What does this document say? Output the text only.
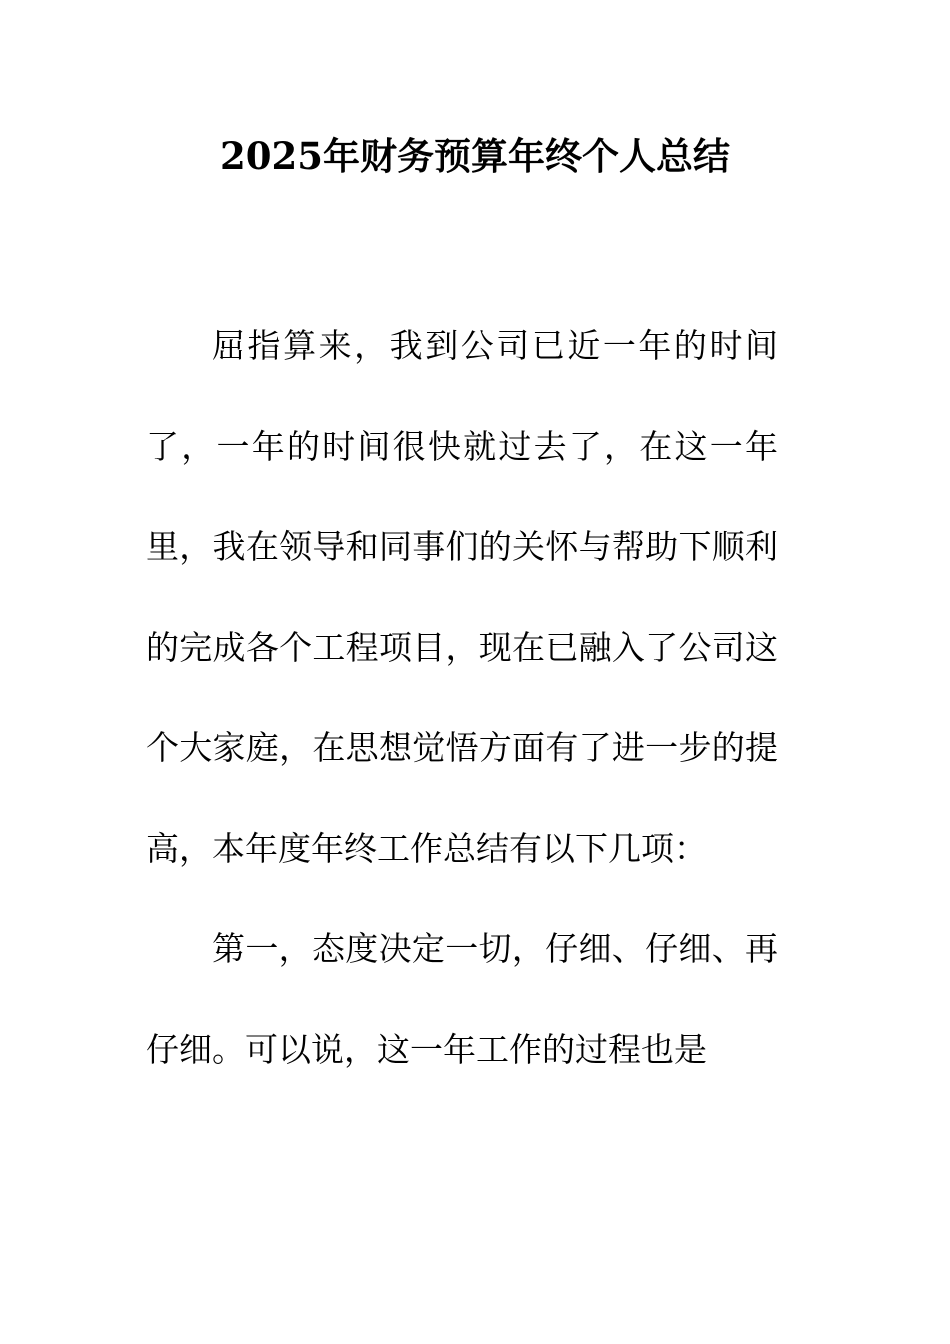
2025年财务预算年终个人总结

屈指算来，我到公司已近一年的时间了，一年的时间很快就过去了，在这一年里，我在领导和同事们的关怀与帮助下顺利的完成各个工程项目，现在已融入了公司这个大家庭，在思想觉悟方面有了进一步的提高，本年度年终工作总结有以下几项：

第一，态度决定一切，仔细、仔细、再仔细。可以说，这一年工作的过程也是
